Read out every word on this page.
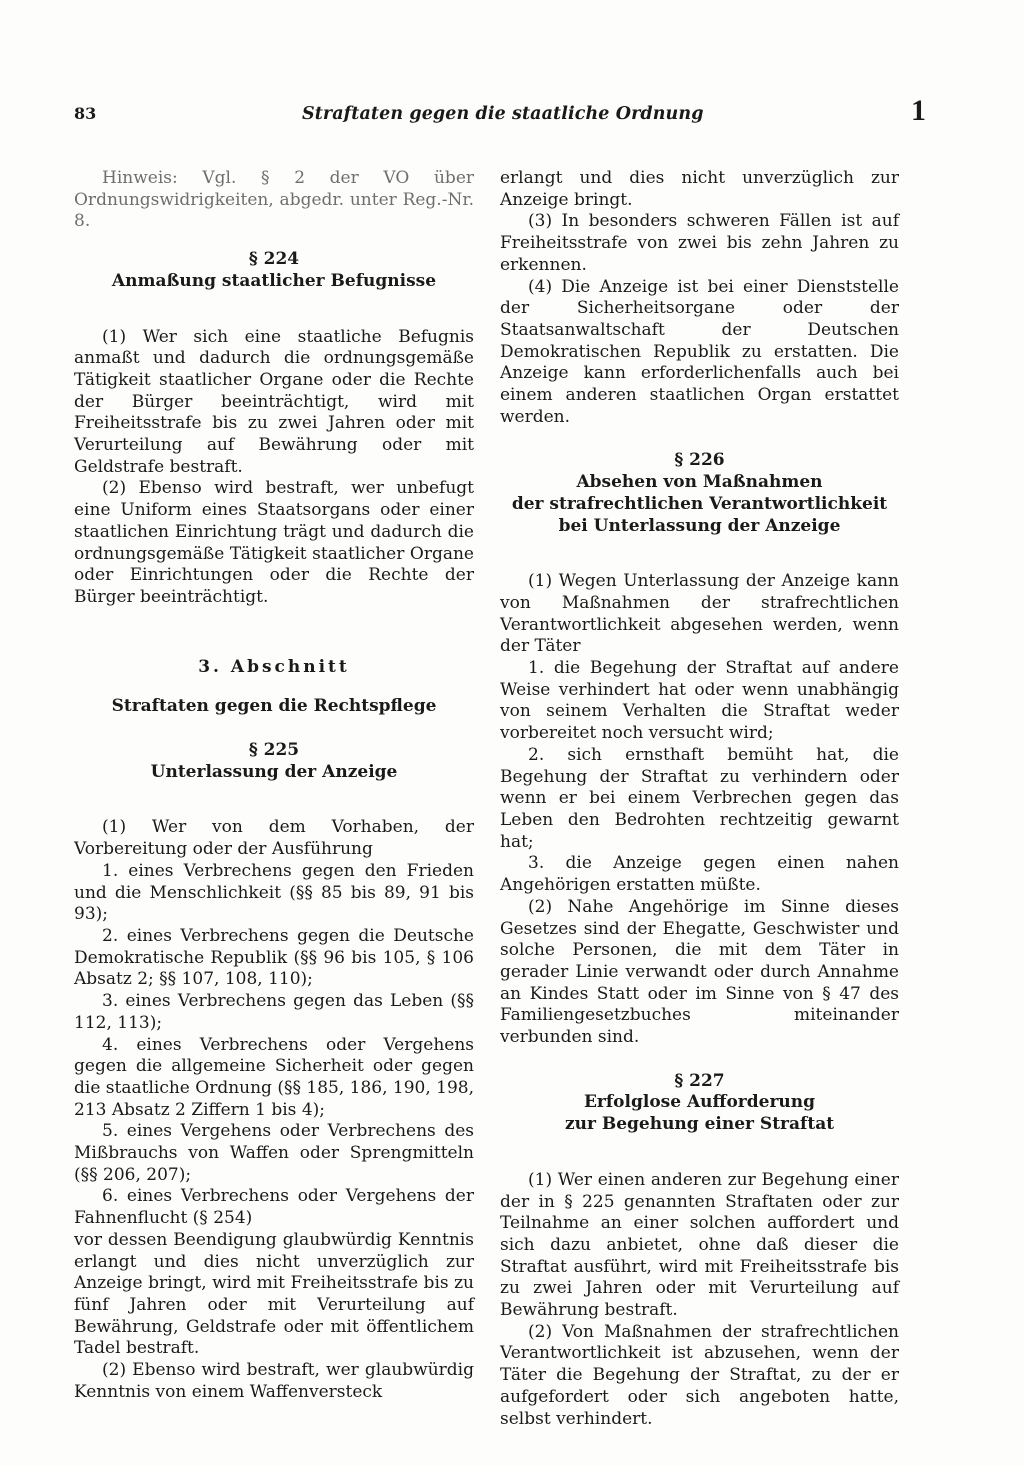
83	Straftaten gegen die staatliche Ordnung	1

Hinweis: Vgl. § 2 der VO über Ordnungswidrigkeiten, abgedr. unter Reg.-Nr. 8.

§ 224

Anmaßung staatlicher Befugnisse

(1) Wer sich eine staatliche Befugnis anmaßt und dadurch die ordnungsgemäße Tätigkeit staatlicher Organe oder die Rechte der Bürger beeinträchtigt, wird mit Freiheitsstrafe bis zu zwei Jahren oder mit Verurteilung auf Bewährung oder mit Geldstrafe bestraft.

(2) Ebenso wird bestraft, wer unbefugt eine Uniform eines Staatsorgans oder einer staatlichen Einrichtung trägt und dadurch die ordnungsgemäße Tätigkeit staatlicher Organe oder Einrichtungen oder die Rechte der Bürger beeinträchtigt.

3. Abschnitt

Straftaten gegen die Rechtspflege

§ 225

Unterlassung der Anzeige

(1) Wer von dem Vorhaben, der Vorbereitung oder der Ausführung

1. eines Verbrechens gegen den Frieden und die Menschlichkeit (§§ 85 bis 89, 91 bis 93);

2. eines Verbrechens gegen die Deutsche Demokratische Republik (§§ 96 bis 105, § 106 Absatz 2; §§ 107, 108, 110);

3. eines Verbrechens gegen das Leben (§§ 112, 113);

4. eines Verbrechens oder Vergehens gegen die allgemeine Sicherheit oder gegen die staatliche Ordnung (§§ 185, 186, 190, 198, 213 Absatz 2 Ziffern 1 bis 4);

5. eines Vergehens oder Verbrechens des Mißbrauchs von Waffen oder Sprengmitteln (§§ 206, 207);

6. eines Verbrechens oder Vergehens der Fahnenflucht (§ 254)

vor dessen Beendigung glaubwürdig Kenntnis erlangt und dies nicht unverzüglich zur Anzeige bringt, wird mit Freiheitsstrafe bis zu fünf Jahren oder mit Verurteilung auf Bewährung, Geldstrafe oder mit öffentlichem Tadel bestraft.

(2) Ebenso wird bestraft, wer glaubwürdig Kenntnis von einem Waffenversteck

erlangt und dies nicht unverzüglich zur Anzeige bringt.

(3) In besonders schweren Fällen ist auf Freiheitsstrafe von zwei bis zehn Jahren zu erkennen.

(4) Die Anzeige ist bei einer Dienststelle der Sicherheitsorgane oder der Staatsanwaltschaft der Deutschen Demokratischen Republik zu erstatten. Die Anzeige kann erforderlichenfalls auch bei einem anderen staatlichen Organ erstattet werden.

§ 226

Absehen von Maßnahmen

der strafrechtlichen Verantwortlichkeit

bei Unterlassung der Anzeige

(1) Wegen Unterlassung der Anzeige kann von Maßnahmen der strafrechtlichen Verantwortlichkeit abgesehen werden, wenn der Täter

1. die Begehung der Straftat auf andere Weise verhindert hat oder wenn unabhängig von seinem Verhalten die Straftat weder vorbereitet noch versucht wird;

2. sich ernsthaft bemüht hat, die Begehung der Straftat zu verhindern oder wenn er bei einem Verbrechen gegen das Leben den Bedrohten rechtzeitig gewarnt hat;

3. die Anzeige gegen einen nahen Angehörigen erstatten müßte.

(2) Nahe Angehörige im Sinne dieses Gesetzes sind der Ehegatte, Geschwister und solche Personen, die mit dem Täter in gerader Linie verwandt oder durch Annahme an Kindes Statt oder im Sinne von § 47 des Familiengesetzbuches miteinander verbunden sind.

§ 227

Erfolglose Aufforderung

zur Begehung einer Straftat

(1) Wer einen anderen zur Begehung einer der in § 225 genannten Straftaten oder zur Teilnahme an einer solchen auffordert und sich dazu anbietet, ohne daß dieser die Straftat ausführt, wird mit Freiheitsstrafe bis zu zwei Jahren oder mit Verurteilung auf Bewährung bestraft.

(2) Von Maßnahmen der strafrechtlichen Verantwortlichkeit ist abzusehen, wenn der Täter die Begehung der Straftat, zu der er aufgefordert oder sich angeboten hatte, selbst verhindert.
